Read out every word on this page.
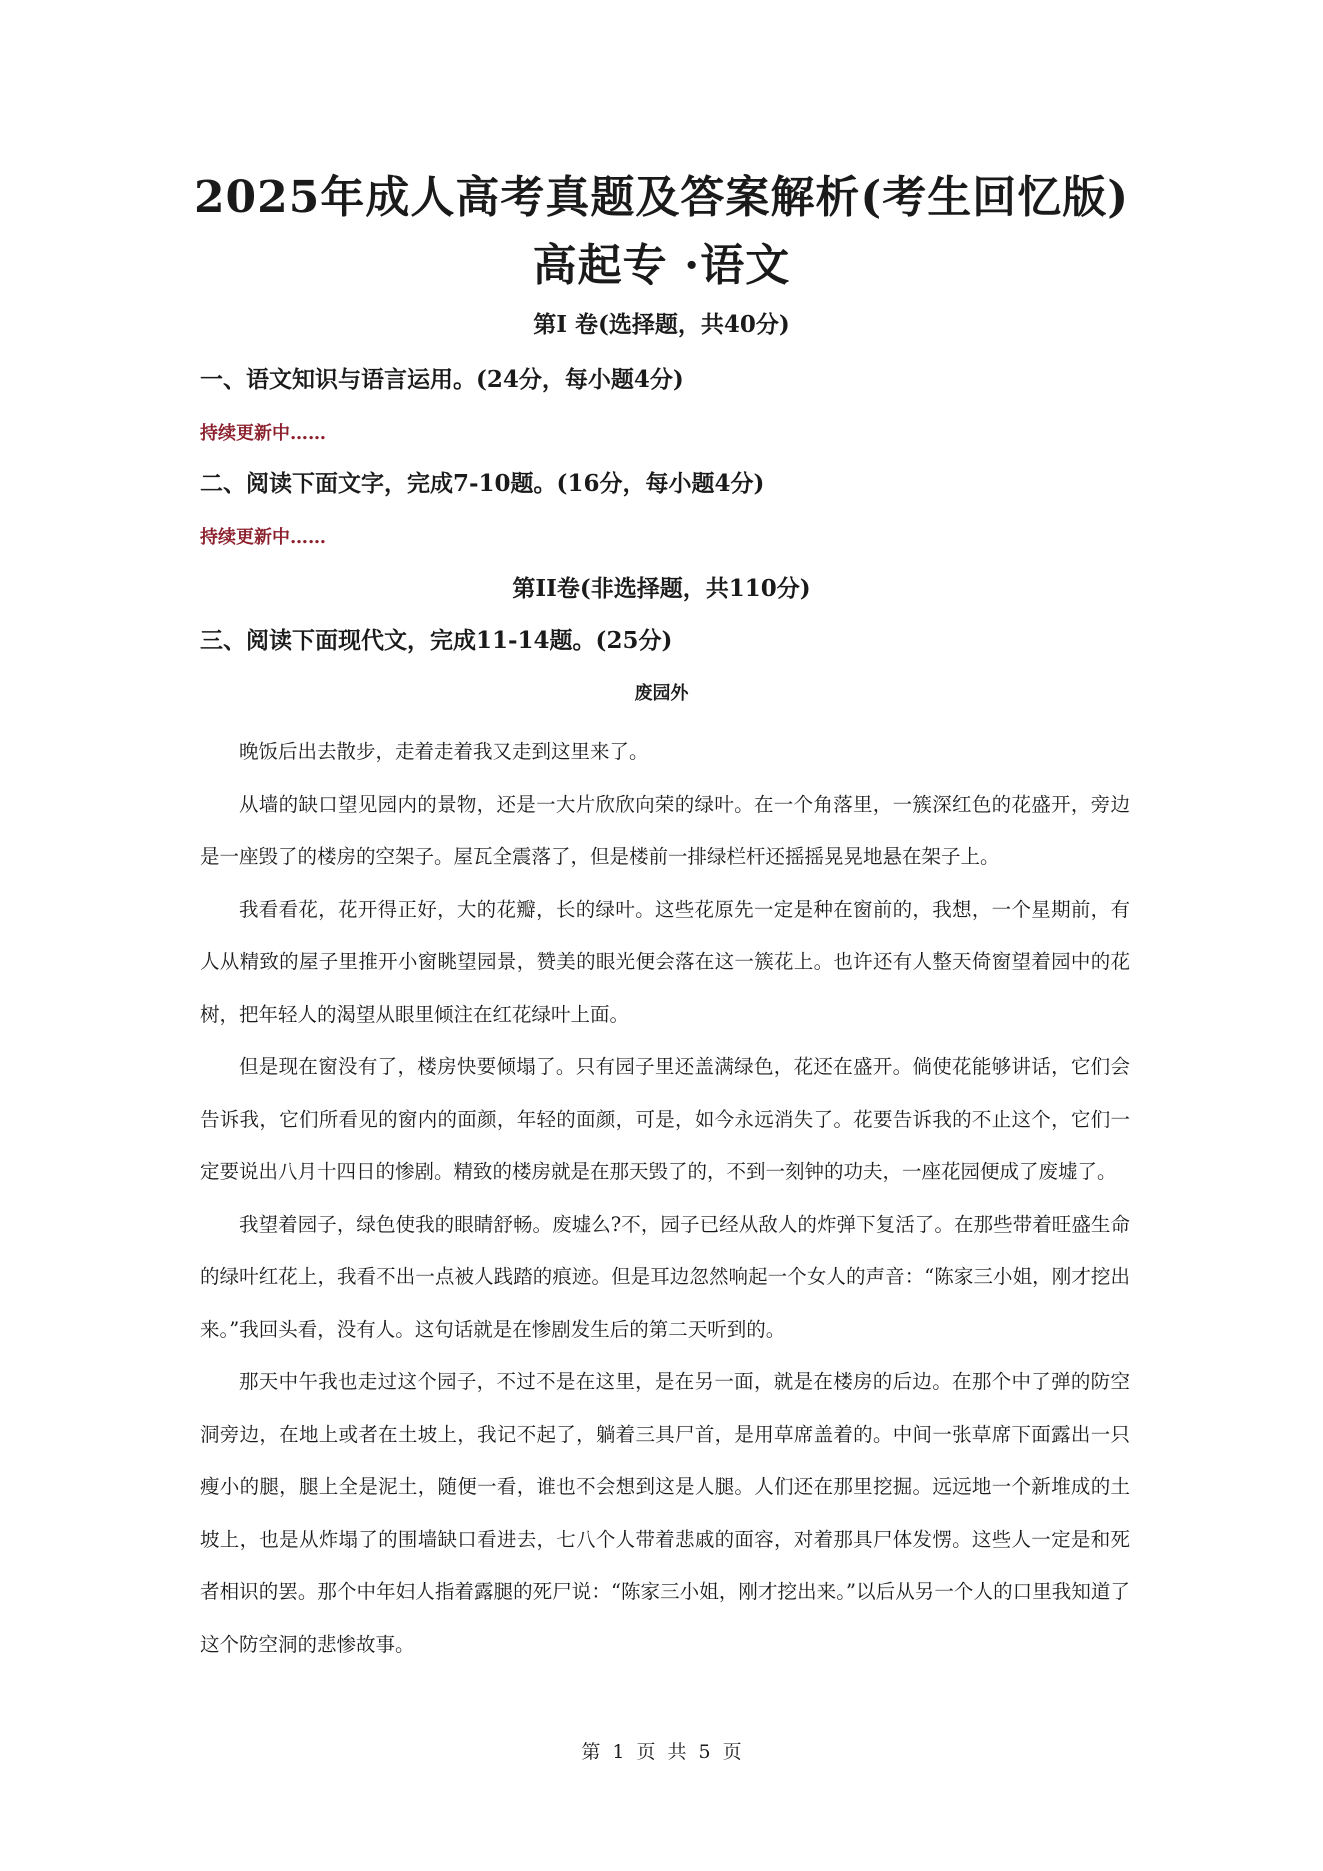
2025年成人高考真题及答案解析(考生回忆版)
高起专 ·语文
第I 卷(选择题，共40分)
一、语文知识与语言运用。(24分，每小题4分)
持续更新中……
二、阅读下面文字，完成7-10题。(16分，每小题4分)
持续更新中……
第II卷(非选择题，共110分)
三、阅读下面现代文，完成11-14题。(25分)
废园外

晚饭后出去散步，走着走着我又走到这里来了。

从墙的缺口望见园内的景物，还是一大片欣欣向荣的绿叶。在一个角落里，一簇深红色的花盛开，旁边是一座毁了的楼房的空架子。屋瓦全震落了，但是楼前一排绿栏杆还摇摇晃晃地悬在架子上。

我看看花，花开得正好，大的花瓣，长的绿叶。这些花原先一定是种在窗前的，我想，一个星期前，有人从精致的屋子里推开小窗眺望园景，赞美的眼光便会落在这一簇花上。也许还有人整天倚窗望着园中的花树，把年轻人的渴望从眼里倾注在红花绿叶上面。

但是现在窗没有了，楼房快要倾塌了。只有园子里还盖满绿色，花还在盛开。倘使花能够讲话，它们会告诉我，它们所看见的窗内的面颜，年轻的面颜，可是，如今永远消失了。花要告诉我的不止这个，它们一定要说出八月十四日的惨剧。精致的楼房就是在那天毁了的，不到一刻钟的功夫，一座花园便成了废墟了。

我望着园子，绿色使我的眼睛舒畅。废墟么?不，园子已经从敌人的炸弹下复活了。在那些带着旺盛生命的绿叶红花上，我看不出一点被人践踏的痕迹。但是耳边忽然响起一个女人的声音：“陈家三小姐，刚才挖出来。”我回头看，没有人。这句话就是在惨剧发生后的第二天听到的。

那天中午我也走过这个园子，不过不是在这里，是在另一面，就是在楼房的后边。在那个中了弹的防空洞旁边，在地上或者在土坡上，我记不起了，躺着三具尸首，是用草席盖着的。中间一张草席下面露出一只瘦小的腿，腿上全是泥土，随便一看，谁也不会想到这是人腿。人们还在那里挖掘。远远地一个新堆成的土坡上，也是从炸塌了的围墙缺口看进去，七八个人带着悲戚的面容，对着那具尸体发愣。这些人一定是和死者相识的罢。那个中年妇人指着露腿的死尸说：“陈家三小姐，刚才挖出来。”以后从另一个人的口里我知道了这个防空洞的悲惨故事。

第 1 页 共 5 页
